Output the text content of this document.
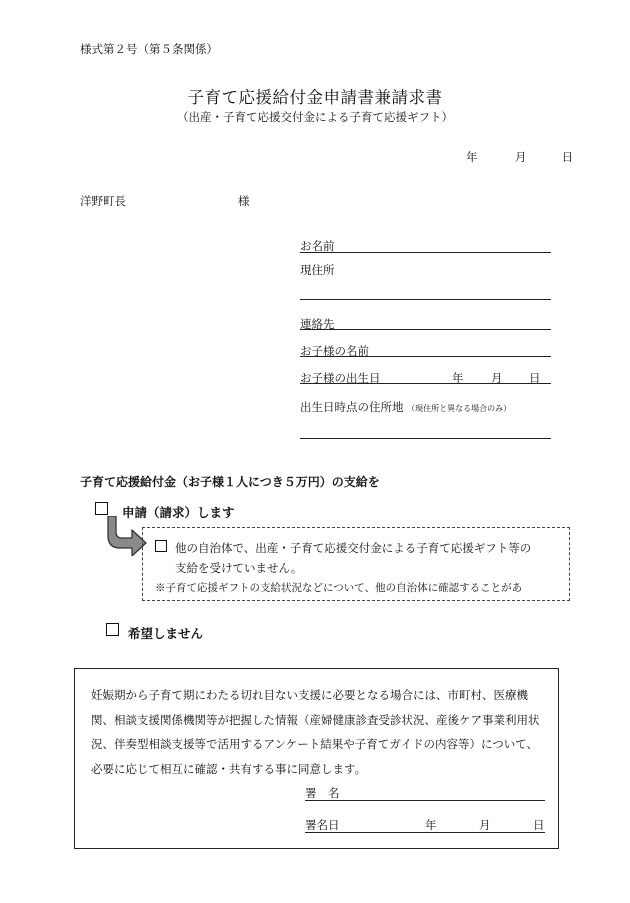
様式第２号（第５条関係）
子育て応援給付金申請書兼請求書
（出産・子育て応援交付金による子育て応援ギフト）
年	月	日
洋野町長	様
お名前
現住所
連絡先
お子様の名前
お子様の出生日	年 月 日
出生日時点の住所地 （現住所と異なる場合のみ）
子育て応援給付金（お子様１人につき５万円）の支給を
申請（請求）します
他の自治体で、出産・子育て応援交付金による子育て応援ギフト等の
支給を受けていません。
※子育て応援ギフトの支給状況などについて、他の自治体に確認することがあ
希望しません
妊娠期から子育て期にわたる切れ目ない支援に必要となる場合には、市町村、医療機関、相談支援関係機関等が把握した情報（産婦健康診査受診状況、産後ケア事業利用状況、伴奏型相談支援等で活用するアンケート結果や子育てガイドの内容等）について、必要に応じて相互に確認・共有する事に同意します。
署　名
署名日	年	月	日
